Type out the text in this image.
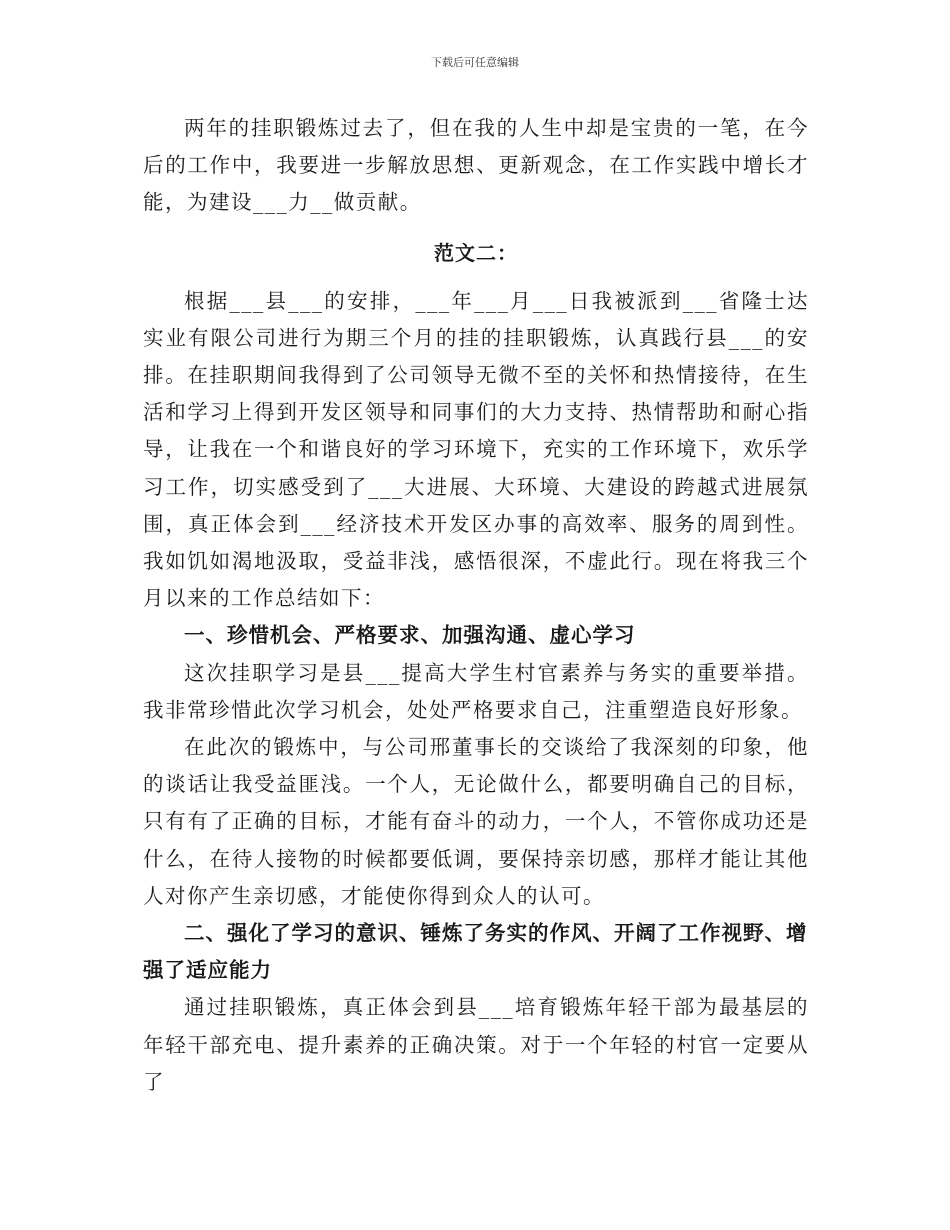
下载后可任意编辑

两年的挂职锻炼过去了，但在我的人生中却是宝贵的一笔，在今后的工作中，我要进一步解放思想、更新观念，在工作实践中增长才能，为建设___力__做贡献。

范文二：

根据___县___的安排，___年___月___日我被派到___省隆士达实业有限公司进行为期三个月的挂的挂职锻炼，认真践行县___的安排。在挂职期间我得到了公司领导无微不至的关怀和热情接待，在生活和学习上得到开发区领导和同事们的大力支持、热情帮助和耐心指导，让我在一个和谐良好的学习环境下，充实的工作环境下，欢乐学习工作，切实感受到了___大进展、大环境、大建设的跨越式进展氛围，真正体会到___经济技术开发区办事的高效率、服务的周到性。我如饥如渴地汲取，受益非浅，感悟很深，不虚此行。现在将我三个月以来的工作总结如下：

一、珍惜机会、严格要求、加强沟通、虚心学习

这次挂职学习是县___提高大学生村官素养与务实的重要举措。我非常珍惜此次学习机会，处处严格要求自己，注重塑造良好形象。

在此次的锻炼中，与公司邢董事长的交谈给了我深刻的印象，他的谈话让我受益匪浅。一个人，无论做什么，都要明确自己的目标，只有有了正确的目标，才能有奋斗的动力，一个人，不管你成功还是什么，在待人接物的时候都要低调，要保持亲切感，那样才能让其他人对你产生亲切感，才能使你得到众人的认可。

二、强化了学习的意识、锤炼了务实的作风、开阔了工作视野、增强了适应能力

通过挂职锻炼，真正体会到县___培育锻炼年轻干部为最基层的年轻干部充电、提升素养的正确决策。对于一个年轻的村官一定要从了
